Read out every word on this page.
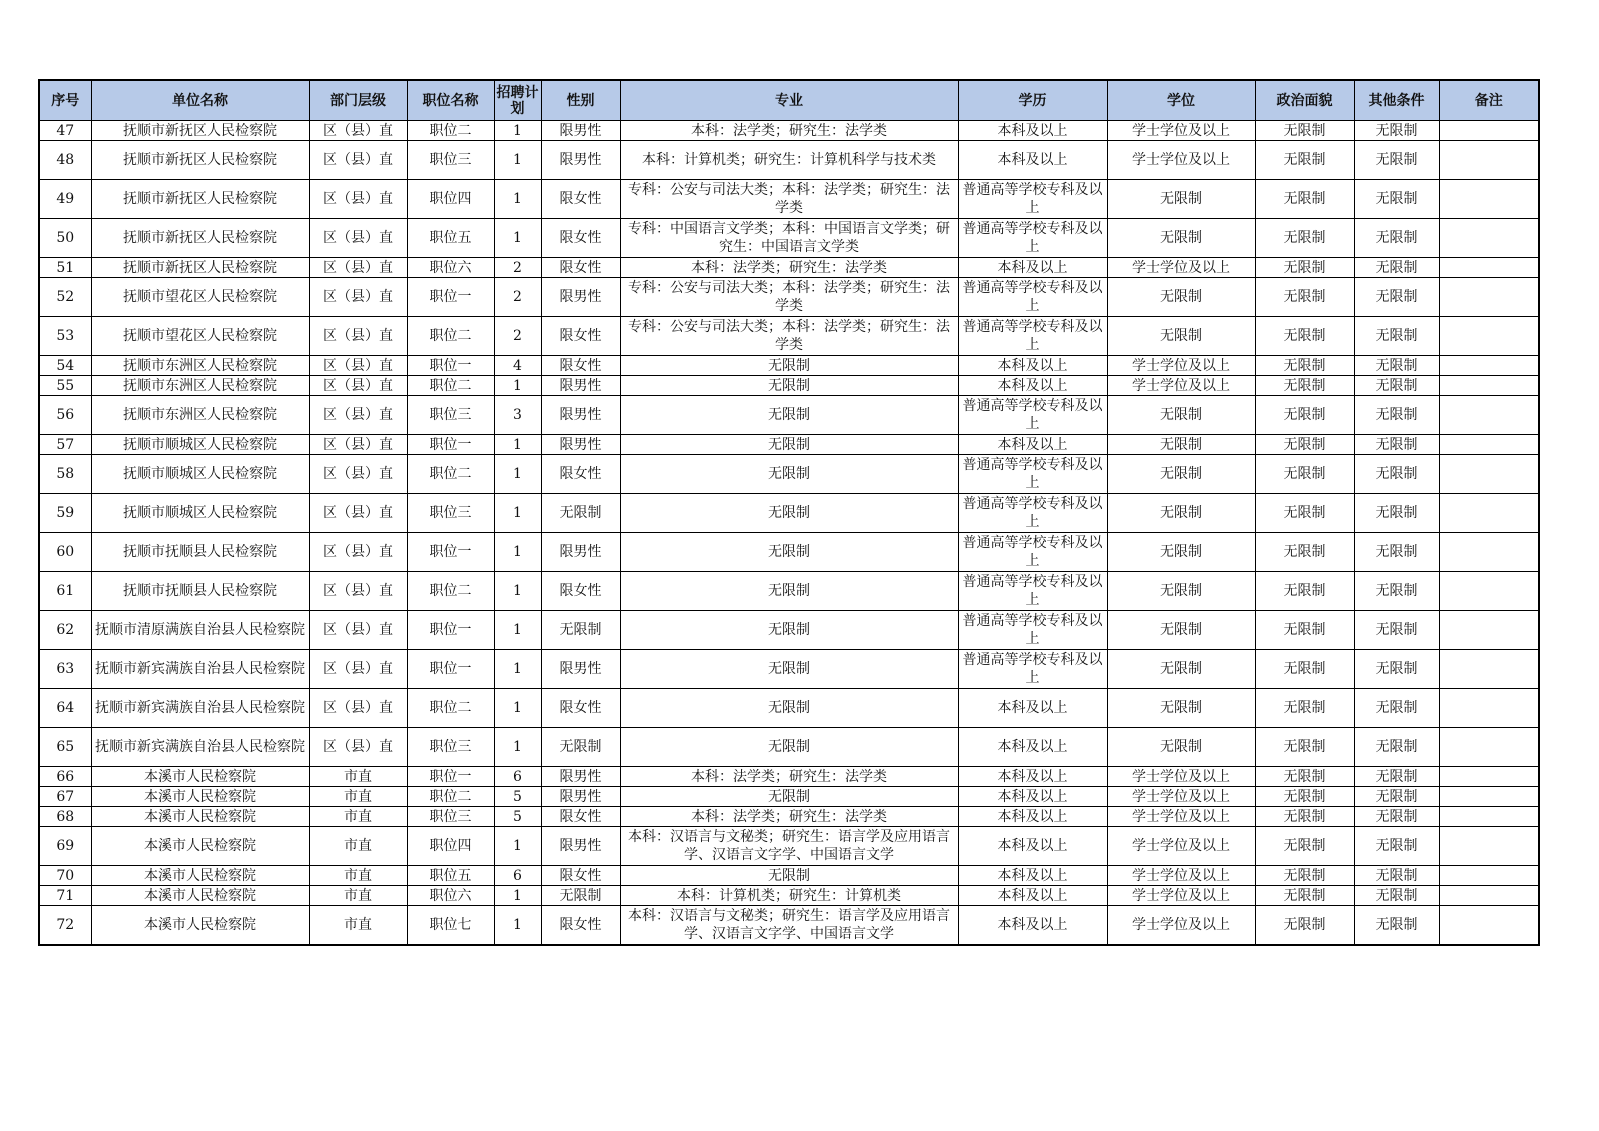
序号	单位名称	部门层级	职位名称	招聘计划	性别	专业	学历	学位	政治面貌	其他条件	备注
47	抚顺市新抚区人民检察院	区（县）直	职位二	1	限男性	本科：法学类；研究生：法学类	本科及以上	学士学位及以上	无限制	无限制	
48	抚顺市新抚区人民检察院	区（县）直	职位三	1	限男性	本科：计算机类；研究生：计算机科学与技术类	本科及以上	学士学位及以上	无限制	无限制	
49	抚顺市新抚区人民检察院	区（县）直	职位四	1	限女性	专科：公安与司法大类；本科：法学类；研究生：法学类	普通高等学校专科及以上	无限制	无限制	无限制	
50	抚顺市新抚区人民检察院	区（县）直	职位五	1	限女性	专科：中国语言文学类；本科：中国语言文学类；研究生：中国语言文学类	普通高等学校专科及以上	无限制	无限制	无限制	
51	抚顺市新抚区人民检察院	区（县）直	职位六	2	限女性	本科：法学类；研究生：法学类	本科及以上	学士学位及以上	无限制	无限制	
52	抚顺市望花区人民检察院	区（县）直	职位一	2	限男性	专科：公安与司法大类；本科：法学类；研究生：法学类	普通高等学校专科及以上	无限制	无限制	无限制	
53	抚顺市望花区人民检察院	区（县）直	职位二	2	限女性	专科：公安与司法大类；本科：法学类；研究生：法学类	普通高等学校专科及以上	无限制	无限制	无限制	
54	抚顺市东洲区人民检察院	区（县）直	职位一	4	限女性	无限制	本科及以上	学士学位及以上	无限制	无限制	
55	抚顺市东洲区人民检察院	区（县）直	职位二	1	限男性	无限制	本科及以上	学士学位及以上	无限制	无限制	
56	抚顺市东洲区人民检察院	区（县）直	职位三	3	限男性	无限制	普通高等学校专科及以上	无限制	无限制	无限制	
57	抚顺市顺城区人民检察院	区（县）直	职位一	1	限男性	无限制	本科及以上	无限制	无限制	无限制	
58	抚顺市顺城区人民检察院	区（县）直	职位二	1	限女性	无限制	普通高等学校专科及以上	无限制	无限制	无限制	
59	抚顺市顺城区人民检察院	区（县）直	职位三	1	无限制	无限制	普通高等学校专科及以上	无限制	无限制	无限制	
60	抚顺市抚顺县人民检察院	区（县）直	职位一	1	限男性	无限制	普通高等学校专科及以上	无限制	无限制	无限制	
61	抚顺市抚顺县人民检察院	区（县）直	职位二	1	限女性	无限制	普通高等学校专科及以上	无限制	无限制	无限制	
62	抚顺市清原满族自治县人民检察院	区（县）直	职位一	1	无限制	无限制	普通高等学校专科及以上	无限制	无限制	无限制	
63	抚顺市新宾满族自治县人民检察院	区（县）直	职位一	1	限男性	无限制	普通高等学校专科及以上	无限制	无限制	无限制	
64	抚顺市新宾满族自治县人民检察院	区（县）直	职位二	1	限女性	无限制	本科及以上	无限制	无限制	无限制	
65	抚顺市新宾满族自治县人民检察院	区（县）直	职位三	1	无限制	无限制	本科及以上	无限制	无限制	无限制	
66	本溪市人民检察院	市直	职位一	6	限男性	本科：法学类；研究生：法学类	本科及以上	学士学位及以上	无限制	无限制	
67	本溪市人民检察院	市直	职位二	5	限男性	无限制	本科及以上	学士学位及以上	无限制	无限制	
68	本溪市人民检察院	市直	职位三	5	限女性	本科：法学类；研究生：法学类	本科及以上	学士学位及以上	无限制	无限制	
69	本溪市人民检察院	市直	职位四	1	限男性	本科：汉语言与文秘类；研究生：语言学及应用语言学、汉语言文字学、中国语言文学	本科及以上	学士学位及以上	无限制	无限制	
70	本溪市人民检察院	市直	职位五	6	限女性	无限制	本科及以上	学士学位及以上	无限制	无限制	
71	本溪市人民检察院	市直	职位六	1	无限制	本科：计算机类；研究生：计算机类	本科及以上	学士学位及以上	无限制	无限制	
72	本溪市人民检察院	市直	职位七	1	限女性	本科：汉语言与文秘类；研究生：语言学及应用语言学、汉语言文字学、中国语言文学	本科及以上	学士学位及以上	无限制	无限制	
